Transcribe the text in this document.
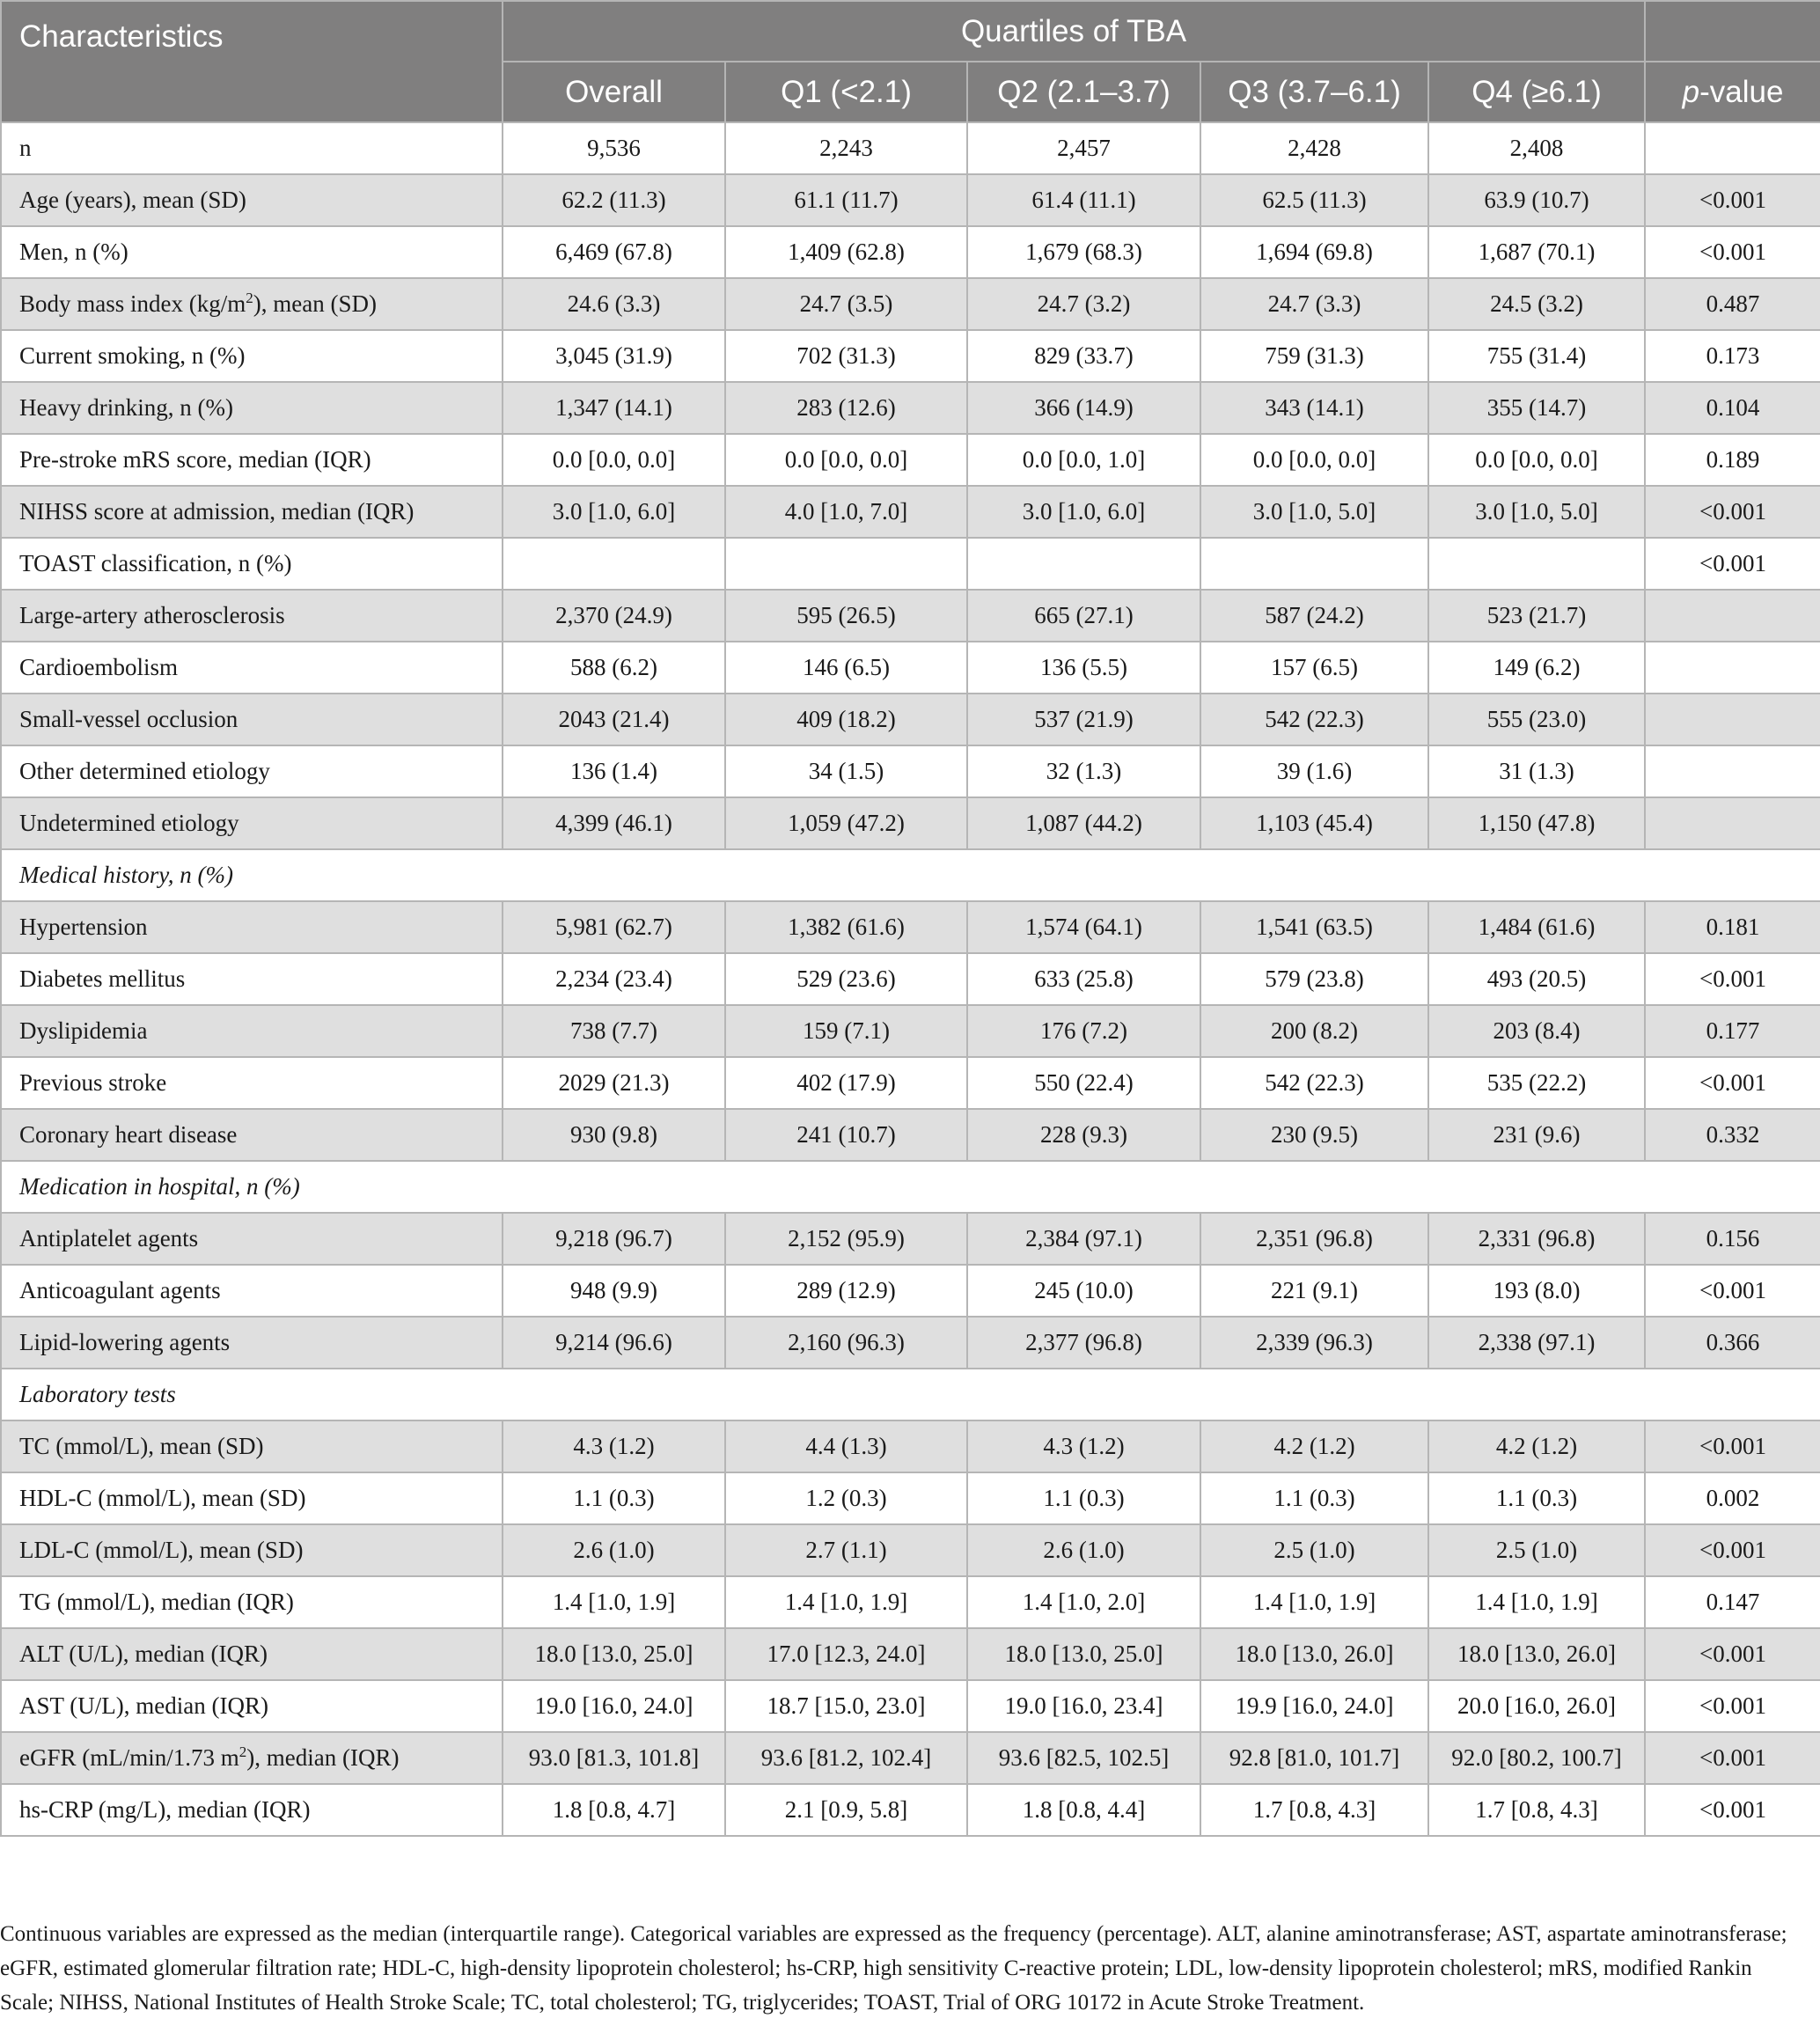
Characteristics	Quartiles of TBA					
	Overall	Q1 (<2.1)	Q2 (2.1–3.7)	Q3 (3.7–6.1)	Q4 (≥6.1)	p-value
n	9,536	2,243	2,457	2,428	2,408	
Age (years), mean (SD)	62.2 (11.3)	61.1 (11.7)	61.4 (11.1)	62.5 (11.3)	63.9 (10.7)	<0.001
Men, n (%)	6,469 (67.8)	1,409 (62.8)	1,679 (68.3)	1,694 (69.8)	1,687 (70.1)	<0.001
Body mass index $(kg/m^2)$, mean (SD)	24.6 (3.3)	24.7 (3.5)	24.7 (3.2)	24.7 (3.3)	24.5 (3.2)	0.487
Current smoking, n (%)	3,045 (31.9)	702 (31.3)	829 (33.7)	759 (31.3)	755 (31.4)	0.173
Heavy drinking, n (%)	1,347 (14.1)	283 (12.6)	366 (14.9)	343 (14.1)	355 (14.7)	0.104
Pre-stroke mRS score, median (IQR)	0.0 [0.0, 0.0]	0.0 [0.0, 0.0]	0.0 [0.0, 1.0]	0.0 [0.0, 0.0]	0.0 [0.0, 0.0]	0.189
NIHSS score at admission, median (IQR)	3.0 [1.0, 6.0]	4.0 [1.0, 7.0]	3.0 [1.0, 6.0]	3.0 [1.0, 5.0]	3.0 [1.0, 5.0]	<0.001
TOAST classification, n (%)						<0.001
Large-artery atherosclerosis	2,370 (24.9)	595 (26.5)	665 (27.1)	587 (24.2)	523 (21.7)	
Cardioembolism	588 (6.2)	146 (6.5)	136 (5.5)	157 (6.5)	149 (6.2)	
Small-vessel occlusion	2043 (21.4)	409 (18.2)	537 (21.9)	542 (22.3)	555 (23.0)	
Other determined etiology	136 (1.4)	34 (1.5)	32 (1.3)	39 (1.6)	31 (1.3)	
Undetermined etiology	4,399 (46.1)	1,059 (47.2)	1,087 (44.2)	1,103 (45.4)	1,150 (47.8)	
Medical history, n (%)						
Hypertension	5,981 (62.7)	1,382 (61.6)	1,574 (64.1)	1,541 (63.5)	1,484 (61.6)	0.181
Diabetes mellitus	2,234 (23.4)	529 (23.6)	633 (25.8)	579 (23.8)	493 (20.5)	<0.001
Dyslipidemia	738 (7.7)	159 (7.1)	176 (7.2)	200 (8.2)	203 (8.4)	0.177
Previous stroke	2029 (21.3)	402 (17.9)	550 (22.4)	542 (22.3)	535 (22.2)	<0.001
Coronary heart disease	930 (9.8)	241 (10.7)	228 (9.3)	230 (9.5)	231 (9.6)	0.332
Medication in hospital, n (%)						
Antiplatelet agents	9,218 (96.7)	2,152 (95.9)	2,384 (97.1)	2,351 (96.8)	2,331 (96.8)	0.156
Anticoagulant agents	948 (9.9)	289 (12.9)	245 (10.0)	221 (9.1)	193 (8.0)	<0.001
Lipid-lowering agents	9,214 (96.6)	2,160 (96.3)	2,377 (96.8)	2,339 (96.3)	2,338 (97.1)	0.366
Laboratory tests						
TC (mmol/L), mean (SD)	4.3 (1.2)	4.4 (1.3)	4.3 (1.2)	4.2 (1.2)	4.2 (1.2)	<0.001
HDL-C (mmol/L), mean (SD)	1.1 (0.3)	1.2 (0.3)	1.1 (0.3)	1.1 (0.3)	1.1 (0.3)	0.002
LDL-C (mmol/L), mean (SD)	2.6 (1.0)	2.7 (1.1)	2.6 (1.0)	2.5 (1.0)	2.5 (1.0)	<0.001
TG (mmol/L), median (IQR)	1.4 [1.0, 1.9]	1.4 [1.0, 1.9]	1.4 [1.0, 2.0]	1.4 [1.0, 1.9]	1.4 [1.0, 1.9]	0.147
ALT (U/L), median (IQR)	18.0 [13.0, 25.0]	17.0 [12.3, 24.0]	18.0 [13.0, 25.0]	18.0 [13.0, 26.0]	18.0 [13.0, 26.0]	<0.001
AST (U/L), median (IQR)	19.0 [16.0, 24.0]	18.7 [15.0, 23.0]	19.0 [16.0, 23.4]	19.9 [16.0, 24.0]	20.0 [16.0, 26.0]	<0.001
eGFR (mL/min/1.73 $m^2$), median (IQR)	93.0 [81.3, 101.8]	93.6 [81.2, 102.4]	93.6 [82.5, 102.5]	92.8 [81.0, 101.7]	92.0 [80.2, 100.7]	<0.001
hs-CRP (mg/L), median (IQR)	1.8 [0.8, 4.7]	2.1 [0.9, 5.8]	1.8 [0.8, 4.4]	1.7 [0.8, 4.3]	1.7 [0.8, 4.3]	<0.001
Continuous variables are expressed as the median (interquartile range). Categorical variables are expressed as the frequency (percentage). ALT, alanine aminotransferase; AST, aspartate aminotransferase; eGFR, estimated glomerular filtration rate; HDL-C, high-density lipoprotein cholesterol; hs-CRP, high sensitivity C-reactive protein; LDL, low-density lipoprotein cholesterol; mRS, modified Rankin Scale; NIHSS, National Institutes of Health Stroke Scale; TC, total cholesterol; TG, triglycerides; TOAST, Trial of ORG 10172 in Acute Stroke Treatment.
